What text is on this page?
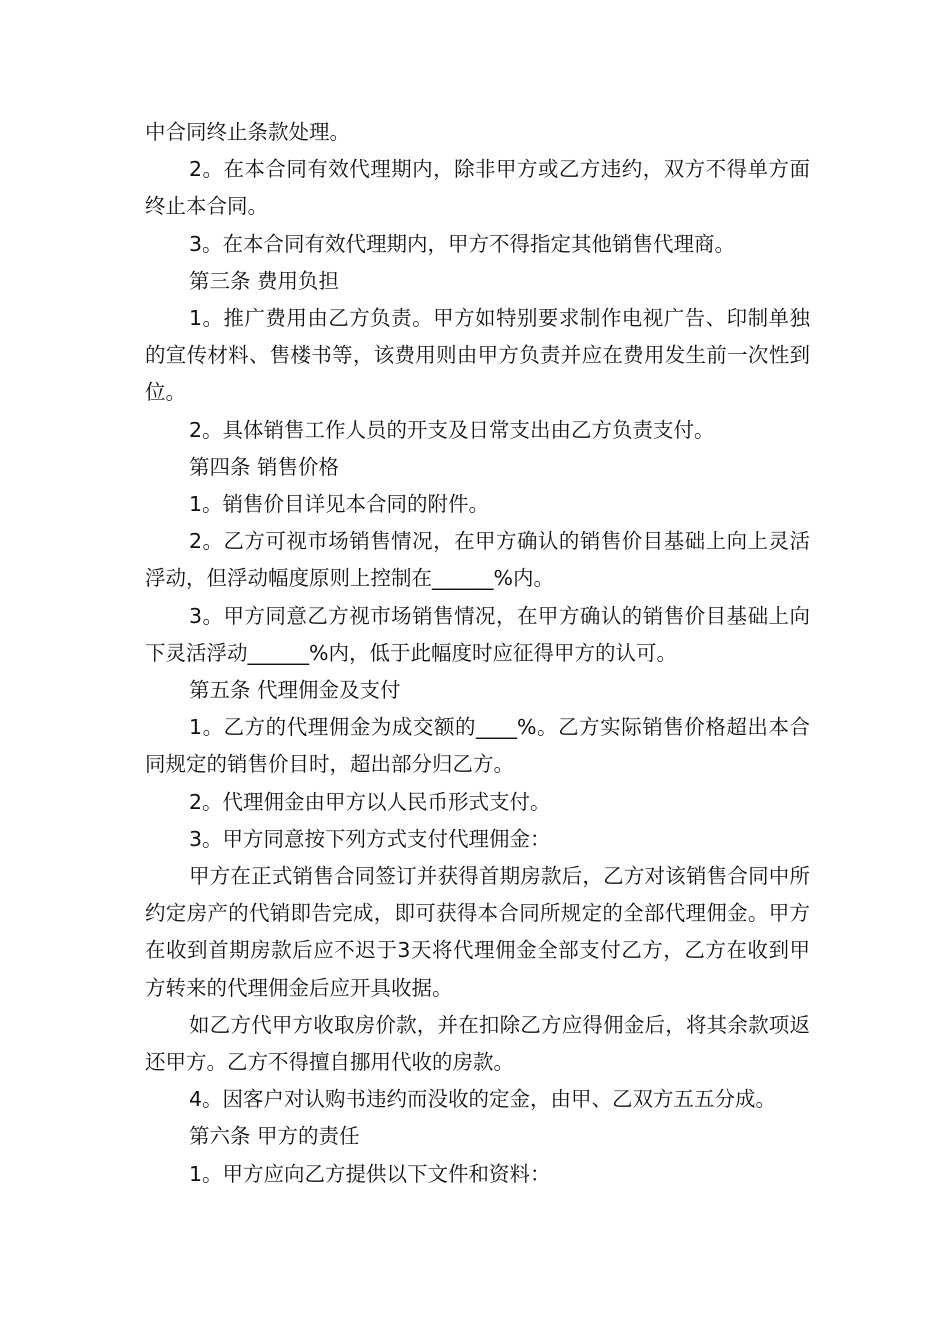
中合同终止条款处理。

2。在本合同有效代理期内，除非甲方或乙方违约，双方不得单方面终止本合同。

3。在本合同有效代理期内，甲方不得指定其他销售代理商。

第三条 费用负担

1。推广费用由乙方负责。甲方如特别要求制作电视广告、印制单独的宣传材料、售楼书等，该费用则由甲方负责并应在费用发生前一次性到位。

2。具体销售工作人员的开支及日常支出由乙方负责支付。

第四条 销售价格

1。销售价目详见本合同的附件。

2。乙方可视市场销售情况，在甲方确认的销售价目基础上向上灵活浮动，但浮动幅度原则上控制在______%内。

3。甲方同意乙方视市场销售情况，在甲方确认的销售价目基础上向下灵活浮动______%内，低于此幅度时应征得甲方的认可。

第五条 代理佣金及支付

1。乙方的代理佣金为成交额的____%。乙方实际销售价格超出本合同规定的销售价目时，超出部分归乙方。

2。代理佣金由甲方以人民币形式支付。

3。甲方同意按下列方式支付代理佣金：

甲方在正式销售合同签订并获得首期房款后，乙方对该销售合同中所约定房产的代销即告完成，即可获得本合同所规定的全部代理佣金。甲方在收到首期房款后应不迟于3天将代理佣金全部支付乙方，乙方在收到甲方转来的代理佣金后应开具收据。

如乙方代甲方收取房价款，并在扣除乙方应得佣金后，将其余款项返还甲方。乙方不得擅自挪用代收的房款。

4。因客户对认购书违约而没收的定金，由甲、乙双方五五分成。

第六条 甲方的责任

1。甲方应向乙方提供以下文件和资料：
